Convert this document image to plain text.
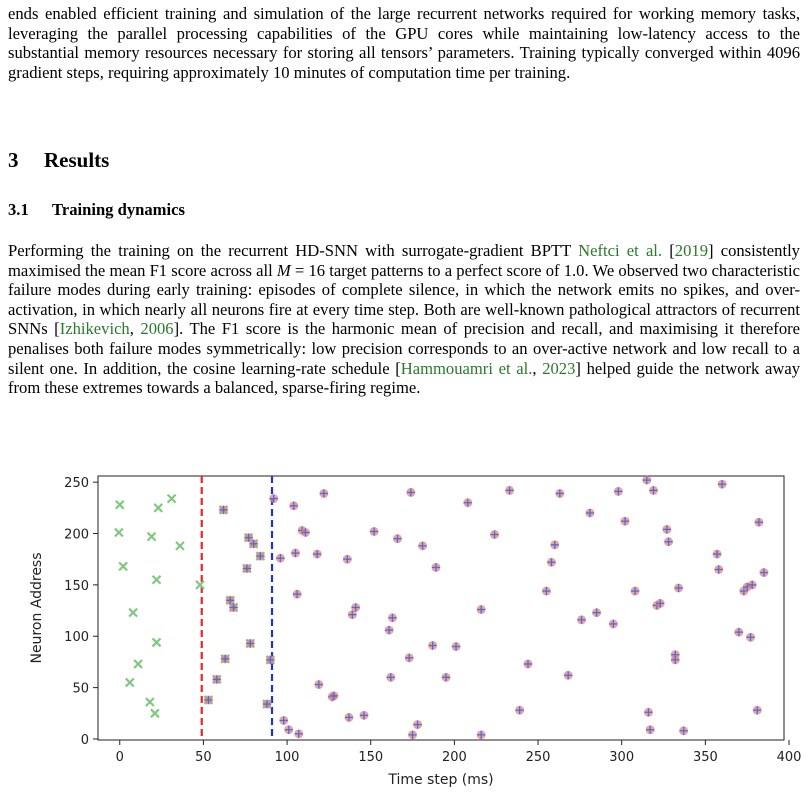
ends enabled efficient training and simulation of the large recurrent networks required for working memory tasks, leveraging the parallel processing capabilities of the GPU cores while maintaining low-latency access to the substantial memory resources necessary for storing all tensors’ parameters. Training typically converged within 4096 gradient steps, requiring approximately 10 minutes of computation time per training.

3 Results
3.1 Training dynamics

Performing the training on the recurrent HD-SNN with surrogate-gradient BPTT Neftci et al. [2019] consistently maximised the mean F1 score across all M = 16 target patterns to a perfect score of 1.0. We observed two characteristic failure modes during early training: episodes of complete silence, in which the network emits no spikes, and over-activation, in which nearly all neurons fire at every time step. Both are well-known pathological attractors of recurrent SNNs [Izhikevich, 2006]. The F1 score is the harmonic mean of precision and recall, and maximising it therefore penalises both failure modes symmetrically: low precision corresponds to an over-active network and low recall to a silent one. In addition, the cosine learning-rate schedule [Hammouamri et al., 2023] helped guide the network away from these extremes towards a balanced, sparse-firing regime.

0	50	100	150	200	250	300	350	400
0
50
100
150
200
250
Time step (ms)
Neuron Address
